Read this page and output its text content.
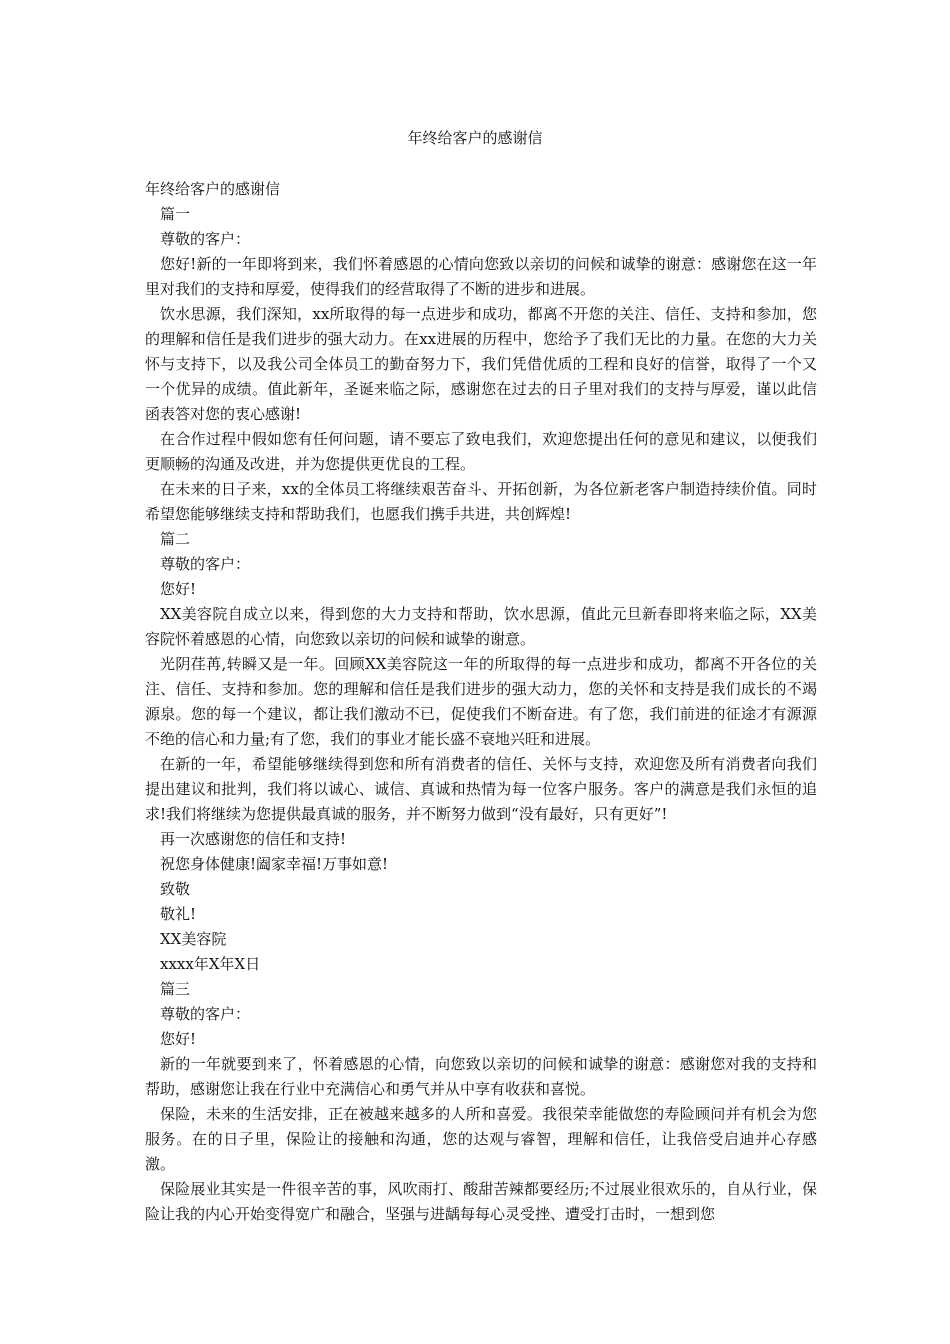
年终给客户的感谢信
年终给客户的感谢信
篇一
尊敬的客户：

您好!新的一年即将到来，我们怀着感恩的心情向您致以亲切的问候和诚挚的谢意：感谢您在这一年里对我们的支持和厚爱，使得我们的经营取得了不断的进步和进展。

饮水思源，我们深知，xx所取得的每一点进步和成功，都离不开您的关注、信任、支持和参加，您的理解和信任是我们进步的强大动力。在xx进展的历程中，您给予了我们无比的力量。在您的大力关怀与支持下，以及我公司全体员工的勤奋努力下，我们凭借优质的工程和良好的信誉，取得了一个又一个优异的成绩。值此新年，圣诞来临之际，感谢您在过去的日子里对我们的支持与厚爱，谨以此信函表答对您的衷心感谢!

在合作过程中假如您有任何问题，请不要忘了致电我们，欢迎您提出任何的意见和建议，以便我们更顺畅的沟通及改进，并为您提供更优良的工程。

在未来的日子来，xx的全体员工将继续艰苦奋斗、开拓创新，为各位新老客户制造持续价值。同时希望您能够继续支持和帮助我们，也愿我们携手共进，共创辉煌!

篇二
尊敬的客户：
您好!

XX美容院自成立以来，得到您的大力支持和帮助，饮水思源，值此元旦新春即将来临之际，XX美容院怀着感恩的心情，向您致以亲切的问候和诚挚的谢意。

光阴荏苒,转瞬又是一年。回顾XX美容院这一年的所取得的每一点进步和成功，都离不开各位的关注、信任、支持和参加。您的理解和信任是我们进步的强大动力，您的关怀和支持是我们成长的不竭源泉。您的每一个建议，都让我们激动不已，促使我们不断奋进。有了您，我们前进的征途才有源源不绝的信心和力量;有了您，我们的事业才能长盛不衰地兴旺和进展。

在新的一年，希望能够继续得到您和所有消费者的信任、关怀与支持，欢迎您及所有消费者向我们提出建议和批判，我们将以诚心、诚信、真诚和热情为每一位客户服务。客户的满意是我们永恒的追求!我们将继续为您提供最真诚的服务，并不断努力做到“没有最好，只有更好”!

再一次感谢您的信任和支持!
祝您身体健康!阖家幸福!万事如意!
致敬
敬礼!
XX美容院
xxxx年X年X日
篇三
尊敬的客户：
您好!

新的一年就要到来了，怀着感恩的心情，向您致以亲切的问候和诚挚的谢意：感谢您对我的支持和帮助，感谢您让我在行业中充满信心和勇气并从中享有收获和喜悦。

保险，未来的生活安排，正在被越来越多的人所和喜爱。我很荣幸能做您的寿险顾问并有机会为您服务。在的日子里，保险让的接触和沟通，您的达观与睿智，理解和信任，让我倍受启迪并心存感激。

保险展业其实是一件很辛苦的事，风吹雨打、酸甜苦辣都要经历;不过展业很欢乐的，自从行业，保险让我的内心开始变得宽广和融合，坚强与进龋每每心灵受挫、遭受打击时，一想到您
